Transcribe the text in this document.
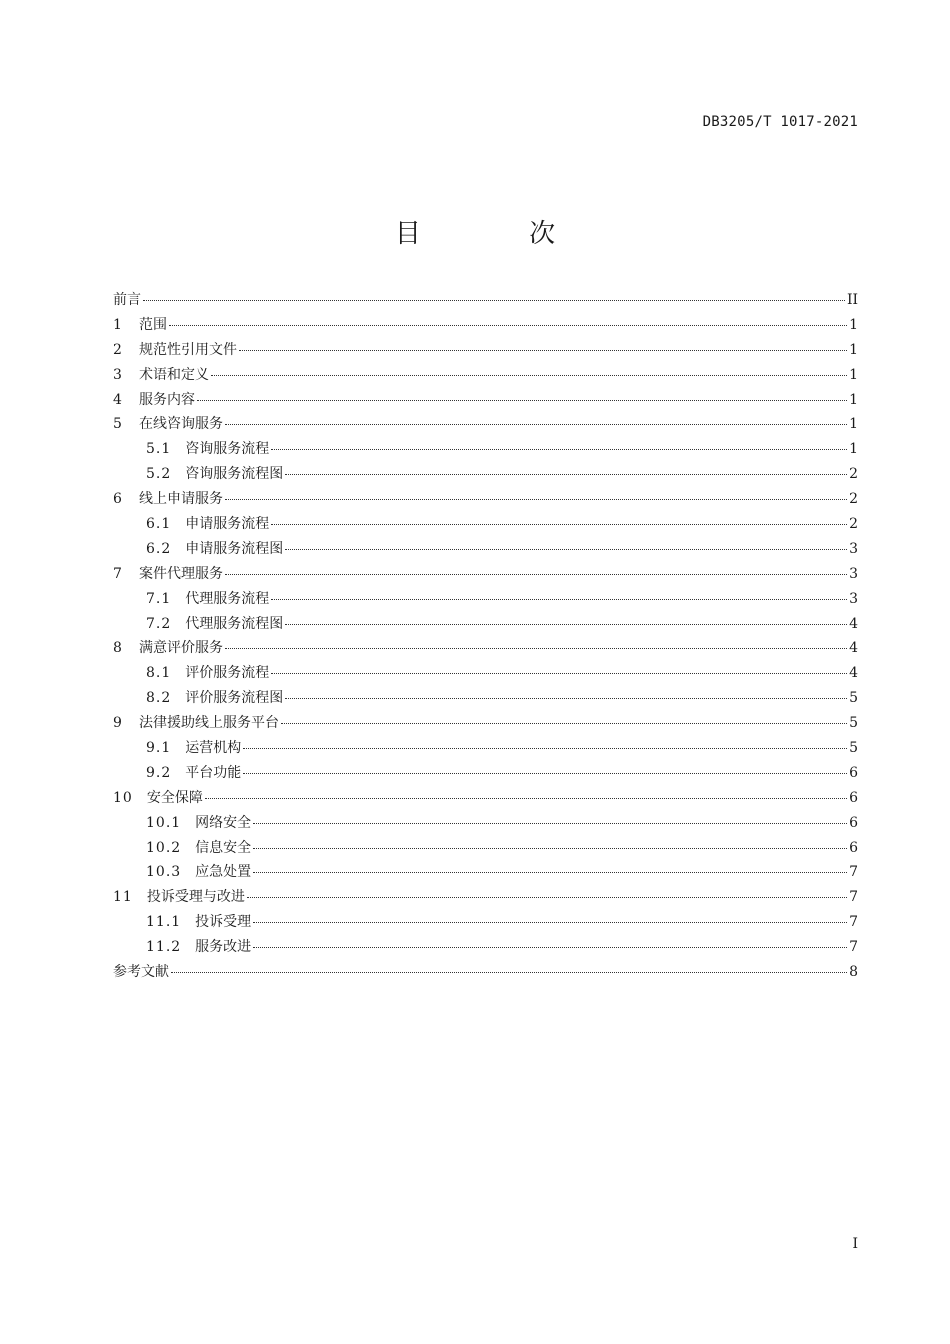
DB3205/T 1017-2021
目 次
前言	II
1	范围	1
2	规范性引用文件	1
3	术语和定义	1
4	服务内容	1
5	在线咨询服务	1
5.1	咨询服务流程	1
5.2	咨询服务流程图	2
6	线上申请服务	2
6.1	申请服务流程	2
6.2	申请服务流程图	3
7	案件代理服务	3
7.1	代理服务流程	3
7.2	代理服务流程图	4
8	满意评价服务	4
8.1	评价服务流程	4
8.2	评价服务流程图	5
9	法律援助线上服务平台	5
9.1	运营机构	5
9.2	平台功能	6
10	安全保障	6
10.1	网络安全	6
10.2	信息安全	6
10.3	应急处置	7
11	投诉受理与改进	7
11.1	投诉受理	7
11.2	服务改进	7
参考文献	8
I
